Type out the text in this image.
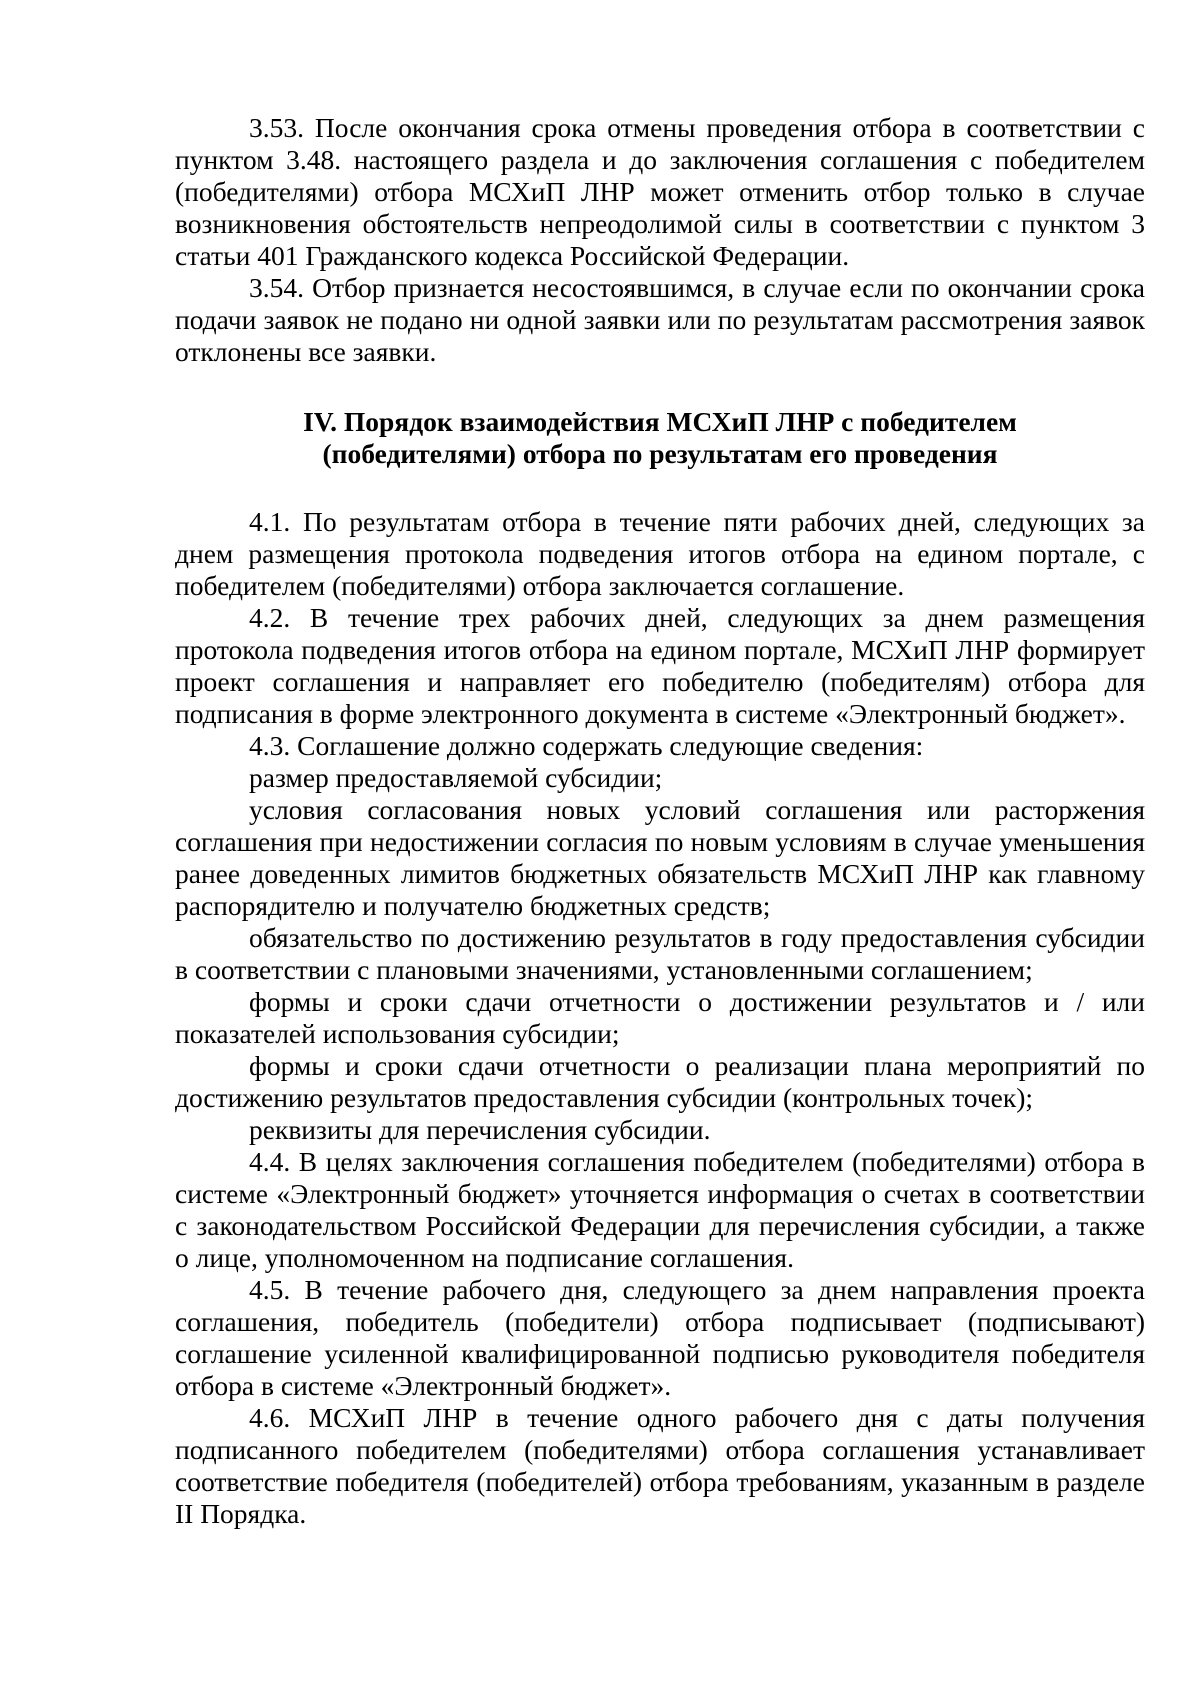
3.53. После окончания срока отмены проведения отбора в соответствии с пунктом 3.48. настоящего раздела и до заключения соглашения с победителем (победителями) отбора МСХиП ЛНР может отменить отбор только в случае возникновения обстоятельств непреодолимой силы в соответствии с пунктом 3 статьи 401 Гражданского кодекса Российской Федерации.

3.54. Отбор признается несостоявшимся, в случае если по окончании срока подачи заявок не подано ни одной заявки или по результатам рассмотрения заявок отклонены все заявки.

IV. Порядок взаимодействия МСХиП ЛНР с победителем
(победителями) отбора по результатам его проведения

4.1. По результатам отбора в течение пяти рабочих дней, следующих за днем размещения протокола подведения итогов отбора на едином портале, с победителем (победителями) отбора заключается соглашение.

4.2. В течение трех рабочих дней, следующих за днем размещения протокола подведения итогов отбора на едином портале, МСХиП ЛНР формирует проект соглашения и направляет его победителю (победителям) отбора для подписания в форме электронного документа в системе «Электронный бюджет».

4.3. Соглашение должно содержать следующие сведения:

размер предоставляемой субсидии;

условия согласования новых условий соглашения или расторжения соглашения при недостижении согласия по новым условиям в случае уменьшения ранее доведенных лимитов бюджетных обязательств МСХиП ЛНР как главному распорядителю и получателю бюджетных средств;

обязательство по достижению результатов в году предоставления субсидии в соответствии с плановыми значениями, установленными соглашением;

формы и сроки сдачи отчетности о достижении результатов и / или показателей использования субсидии;

формы и сроки сдачи отчетности о реализации плана мероприятий по достижению результатов предоставления субсидии (контрольных точек);

реквизиты для перечисления субсидии.

4.4. В целях заключения соглашения победителем (победителями) отбора в системе «Электронный бюджет» уточняется информация о счетах в соответствии с законодательством Российской Федерации для перечисления субсидии, а также о лице, уполномоченном на подписание соглашения.

4.5. В течение рабочего дня, следующего за днем направления проекта соглашения, победитель (победители) отбора подписывает (подписывают) соглашение усиленной квалифицированной подписью руководителя победителя отбора в системе «Электронный бюджет».

4.6. МСХиП ЛНР в течение одного рабочего дня с даты получения подписанного победителем (победителями) отбора соглашения устанавливает соответствие победителя (победителей) отбора требованиям, указанным в разделе II Порядка.
